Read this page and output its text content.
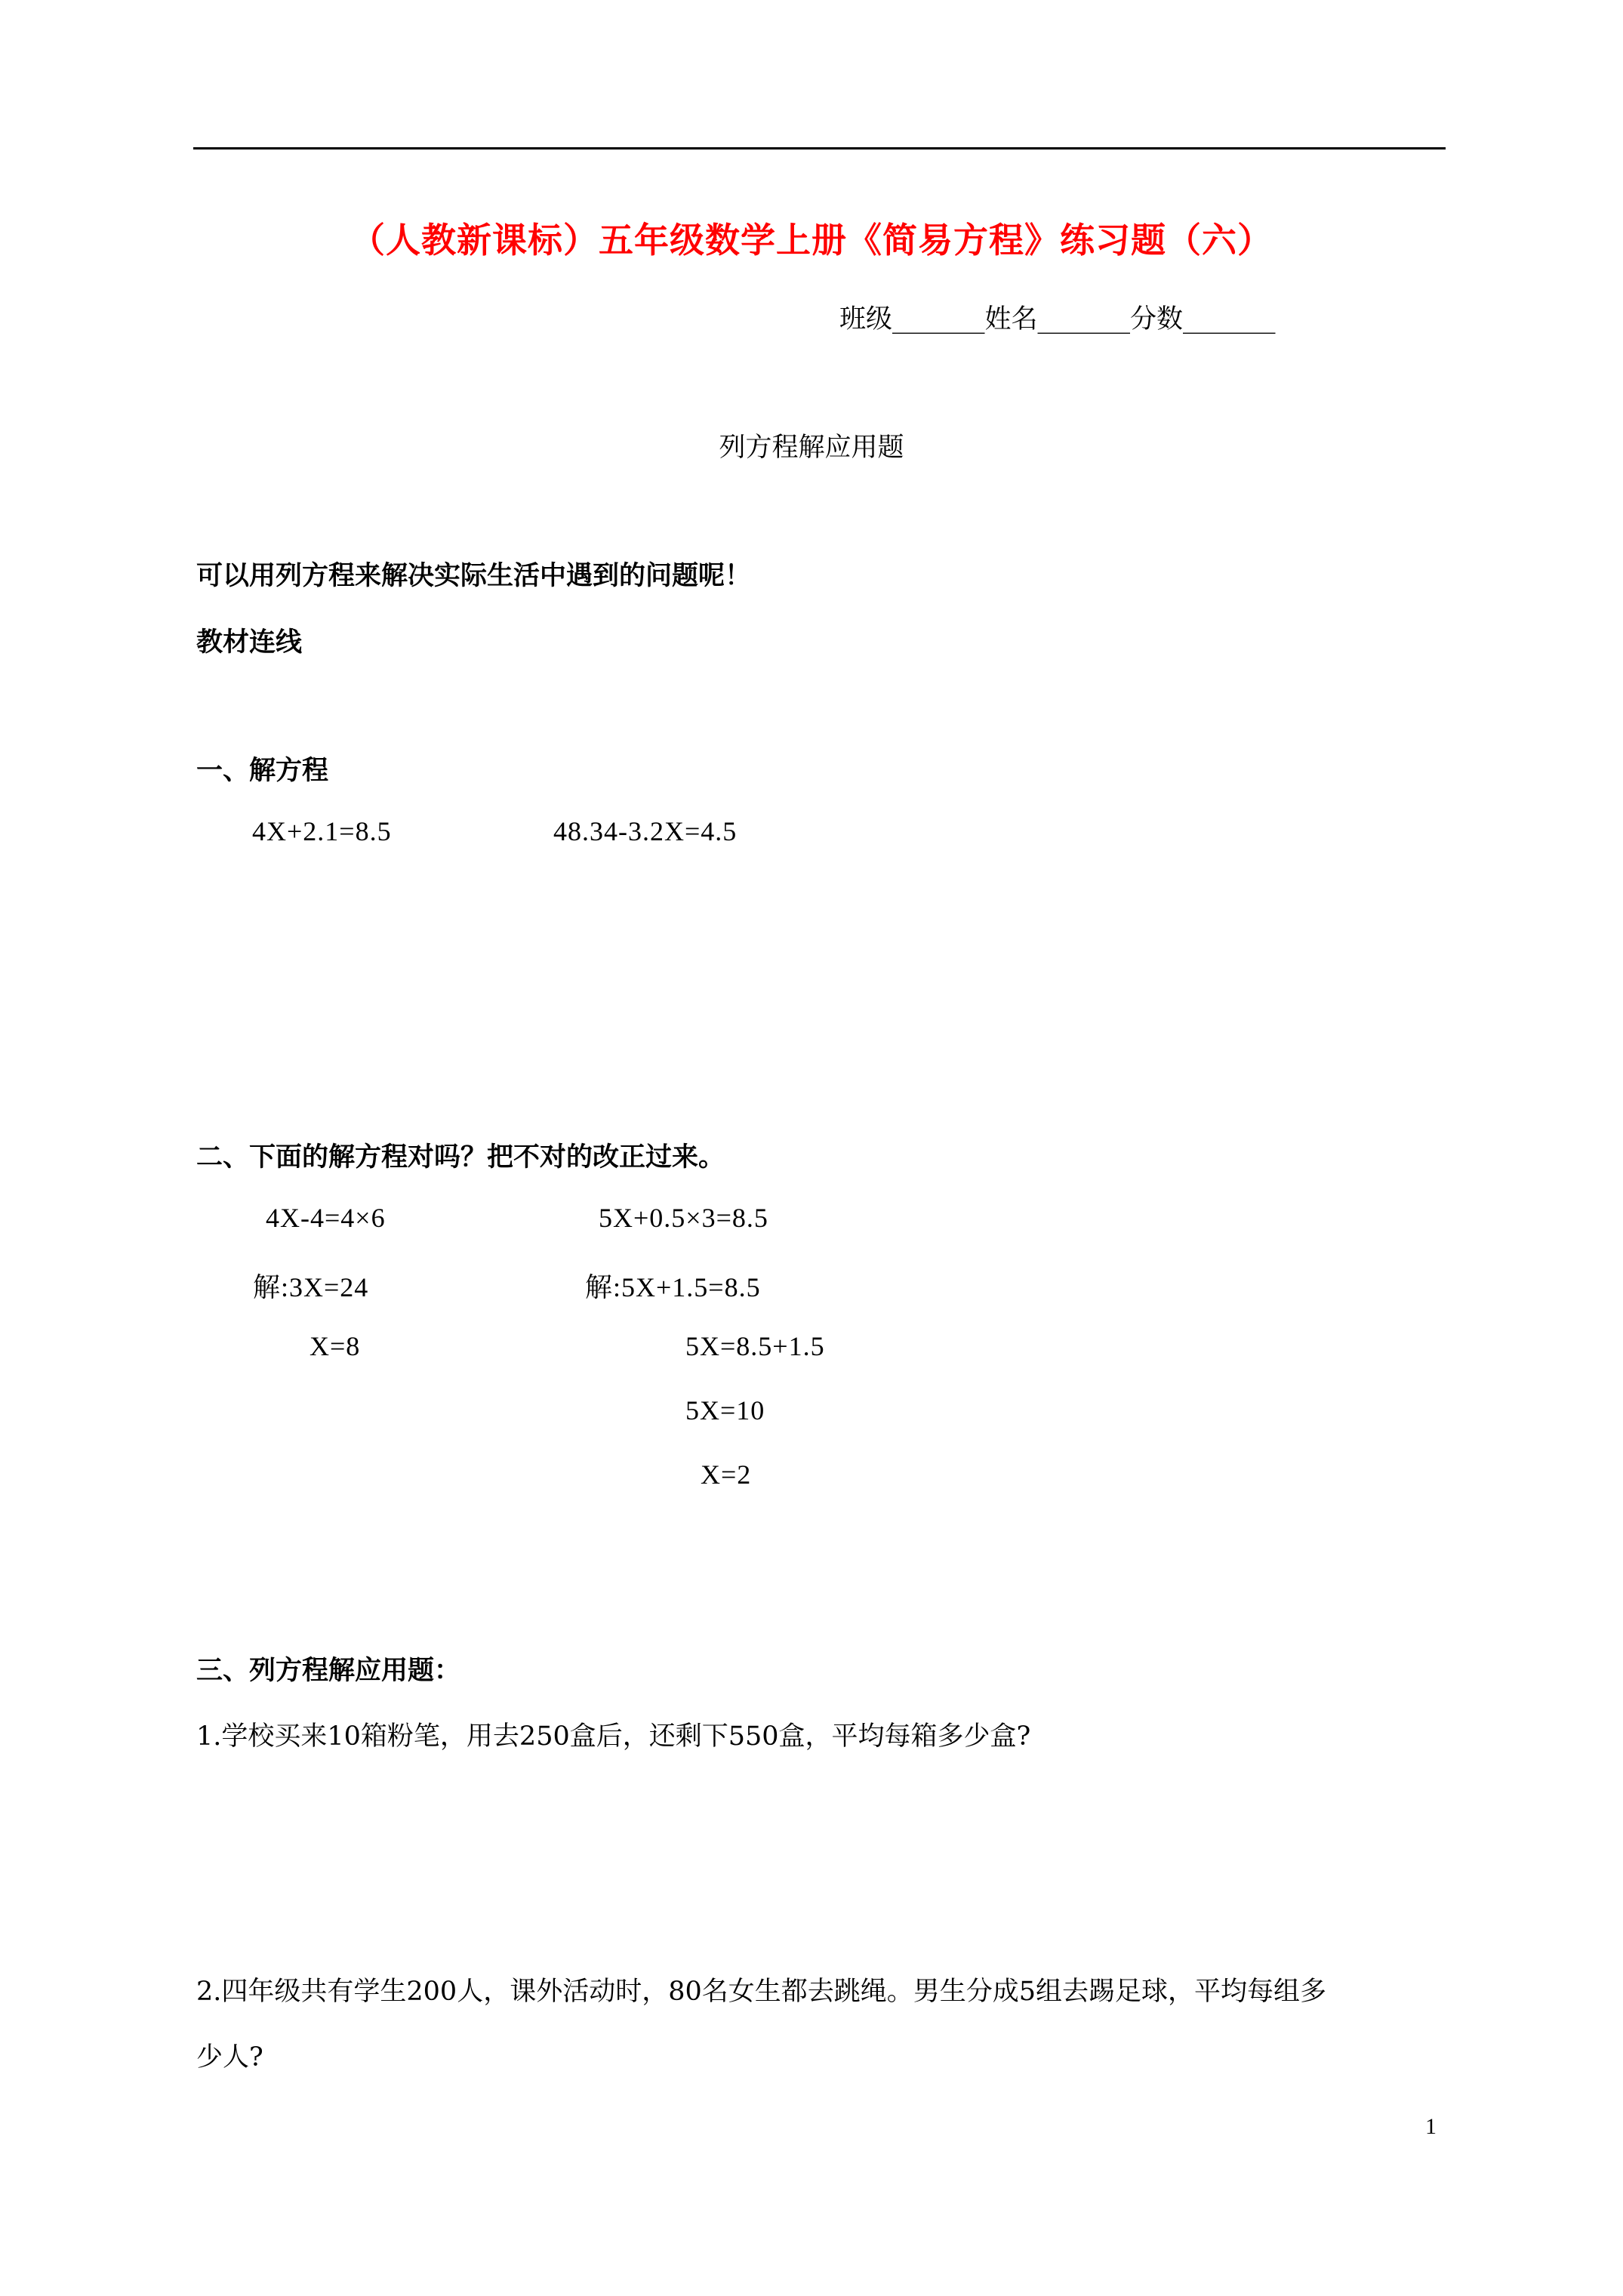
（人教新课标）五年级数学上册《简易方程》练习题（六）
班级_______姓名_______分数_______
列方程解应用题
可以用列方程来解决实际生活中遇到的问题呢！
教材连线
一、解方程
4X+2.1=8.5	48.34-3.2X=4.5
二、下面的解方程对吗？把不对的改正过来。
4X-4=4×6
解:3X=24
X=8
5X+0.5×3=8.5
解:5X+1.5=8.5
5X=8.5+1.5
5X=10
X=2
三、列方程解应用题：
1.学校买来10箱粉笔，用去250盒后，还剩下550盒，平均每箱多少盒?
2.四年级共有学生200人，课外活动时，80名女生都去跳绳。男生分成5组去踢足球，平均每组多
少人?
1
